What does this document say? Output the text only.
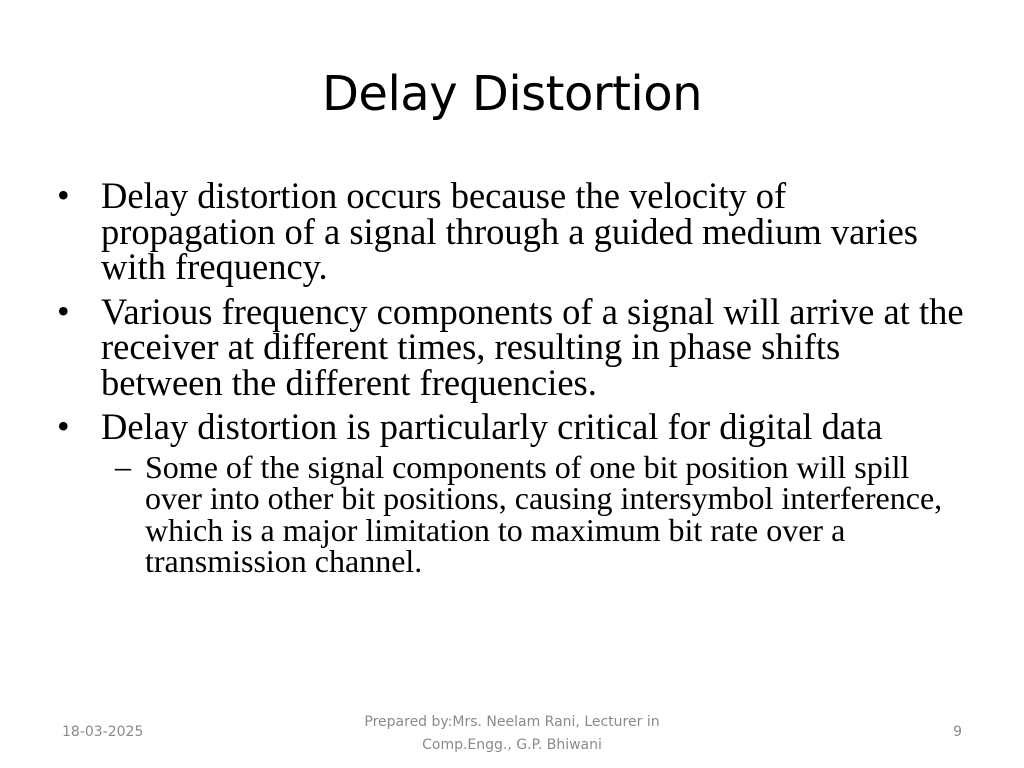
Delay Distortion
• Delay distortion occurs because the velocity of propagation of a signal through a guided medium varies with frequency.
• Various frequency components of a signal will arrive at the receiver at different times, resulting in phase shifts between the different frequencies.
• Delay distortion is particularly critical for digital data
– Some of the signal components of one bit position will spill over into other bit positions, causing intersymbol interference, which is a major limitation to maximum bit rate over a transmission channel.
18-03-2025
Prepared by:Mrs. Neelam Rani, Lecturer in
Comp.Engg., G.P. Bhiwani
9
